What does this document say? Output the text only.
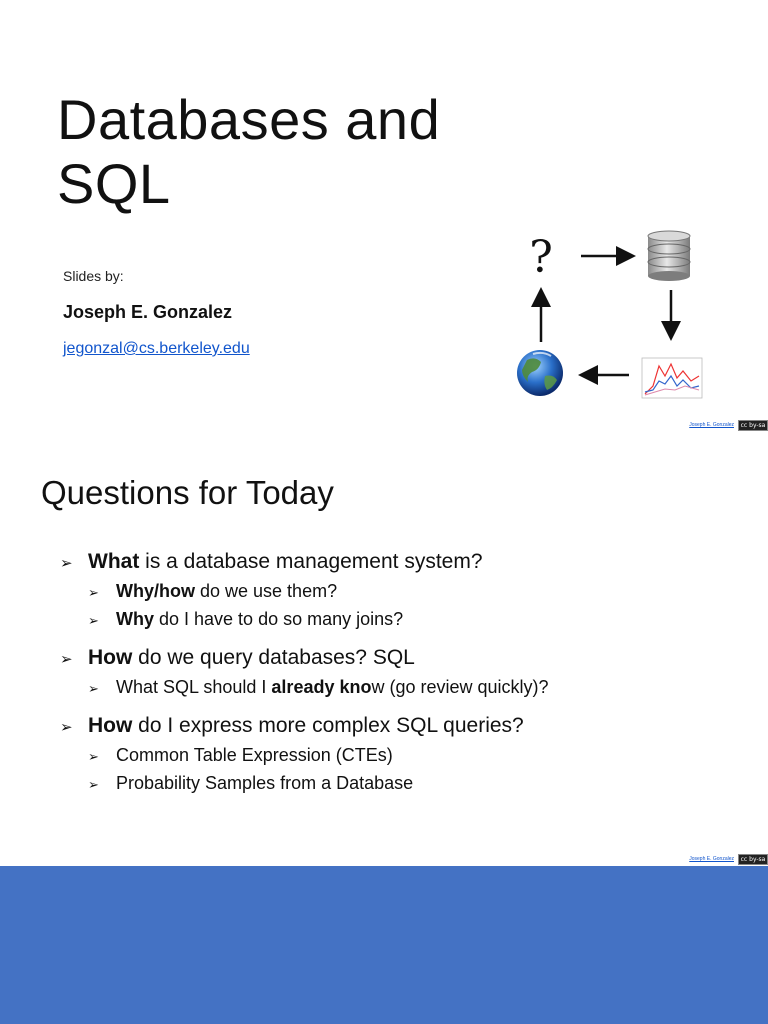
Databases and
SQL
Slides by:
Joseph E. Gonzalez
jegonzal@cs.berkeley.edu
?
Joseph E. Gonzalez	cc by-sa
Questions for Today
➢ What is a database management system?
➢ Why/how do we use them?
➢ Why do I have to do so many joins?
➢ How do we query databases? SQL
➢ What SQL should I already know (go review quickly)?
➢ How do I express more complex SQL queries?
➢ Common Table Expression (CTEs)
➢ Probability Samples from a Database
Joseph E. Gonzalez	cc by-sa
